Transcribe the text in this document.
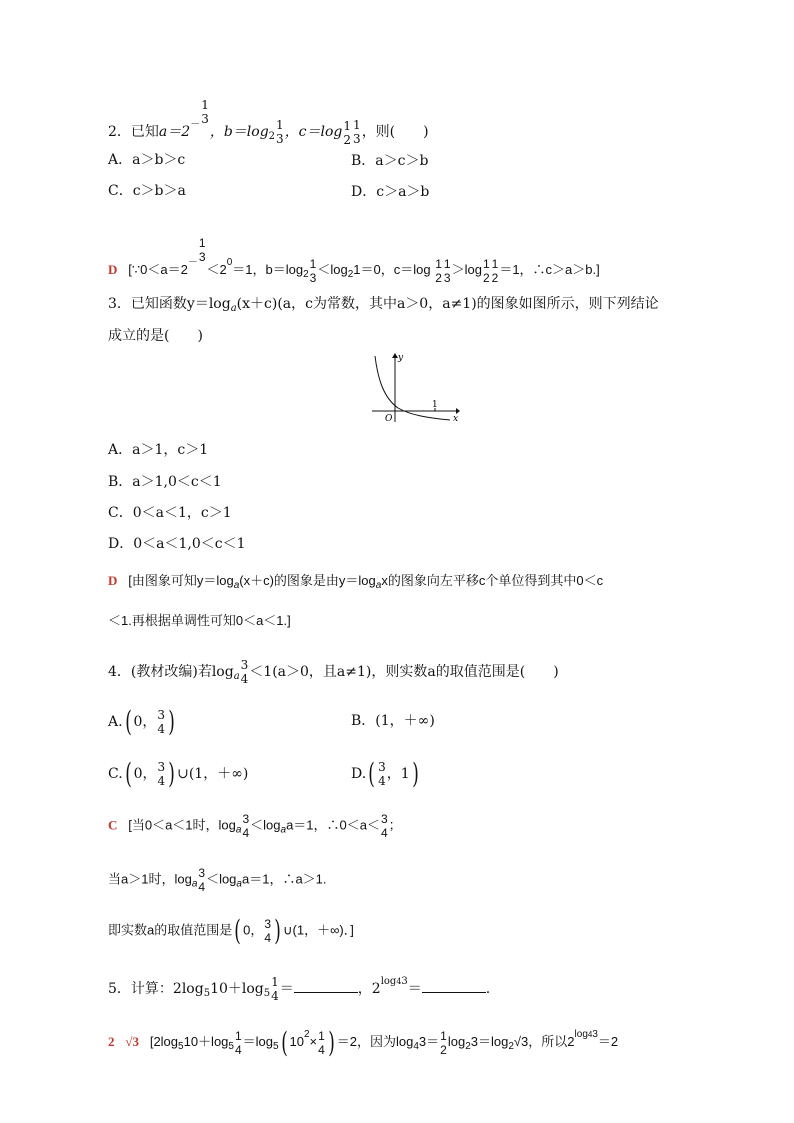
2．已知$a=2^{- 1 3}$
，$b=\log_2$
1
3 ，c＝log 1
2
1
3 ，则(　　)
A．a＞b＞c	B．a＞c＞b
C．c＞b＞a	D．c＞a＞b
D [$\because 0<a=2^{- 1 3}$
$<2^0=1$，$b=\log_2$
1
3
$<\log_21=0$，c＝log 1
2
1
3
＞log 1
2
1
2
＝1，∴c＞a＞b.]
3．已知函数$y=\log_a(x+c)(a$，c为常数，其中a＞0，a≠1)的图象如图所示，则下列结论
成立的是(　　)
y
x
O
1
A．a＞1，c＞1
B．a＞1,0＜c＜1
C．0＜a＜1，c＞1
D．0＜a＜1,0＜c＜1
D [由图象可知$y=\log_a(x+c)$的图象是由$y=\log_ax$的图象向左平移c个单位得到其中0＜c
＜1.再根据单调性可知0＜a＜1.]
4．(教材改编)若$\log_a$
3
4 ＜1(a＞0，且a≠1)，则实数a的取值范围是(　　)
A.( 0， 3
4 )	B．(1，＋∞)
C.( 0， 3
4 ) ∪(1，＋∞)	D.( 3
4 ，1)
C [当0＜a＜1时，$\log_a$
3
4
$<\log_aa=1$，∴0＜a＜ 3
4
；
当a＞1时，$\log_a$
3
4
$<\log_aa=1$，∴a＞1.
即实数a的取值范围是( 0， 3
4 ) ∪(1，＋∞)．]
5．计算：$2\log_510+\log_5$
1
4 ＝	，$2^{log43}=$	.
2 √3 [$2\log_510+\log_5$
1
4
$=\log_5$( $10^2\times 1$
4 ) ＝2，因为$\log_43= 1$
2
$\log_23=\log_2√3$，所以$2^{log43}=2$
